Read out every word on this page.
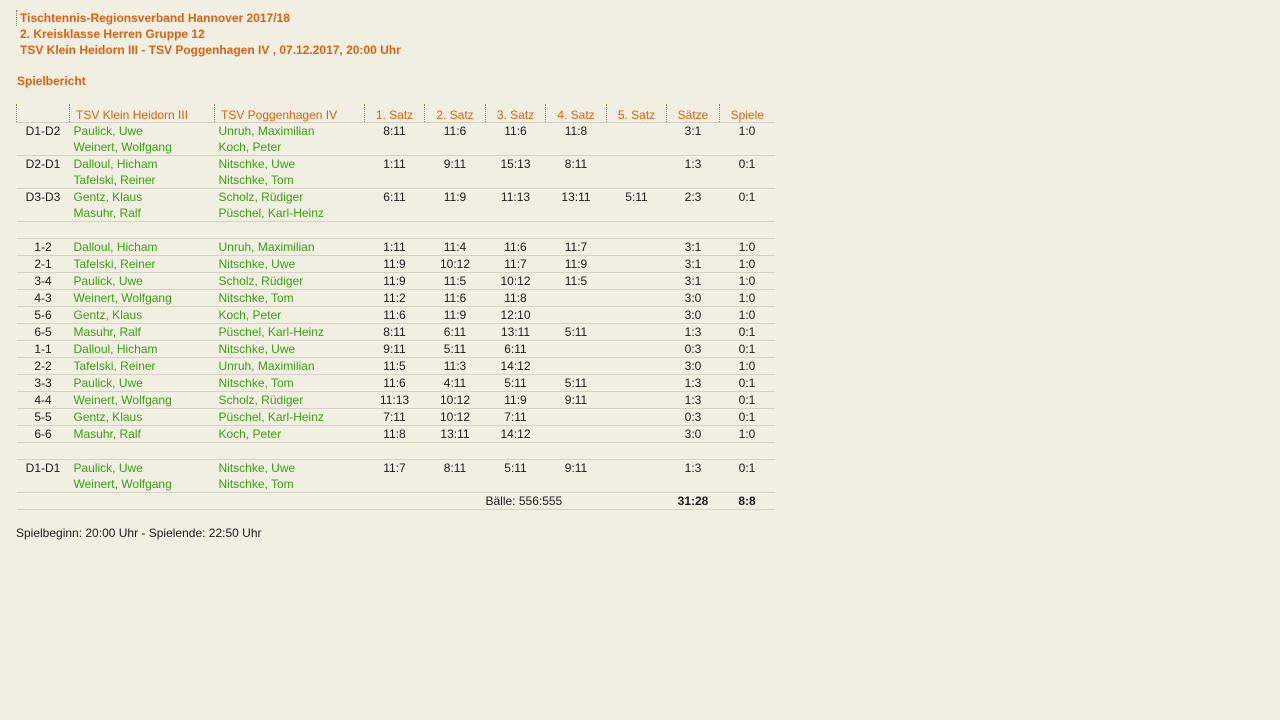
Tischtennis-Regionsverband Hannover 2017/18
2. Kreisklasse Herren Gruppe 12
TSV Klein Heidorn III - TSV Poggenhagen IV , 07.12.2017, 20:00 Uhr
Spielbericht
	TSV Klein Heidorn III	TSV Poggenhagen IV	1. Satz	2. Satz	3. Satz	4. Satz	5. Satz	Sätze	Spiele
D1-D2	Paulick, Uwe	Unruh, Maximilian	8:11	11:6	11:6	11:8		3:1	1:0
	Weinert, Wolfgang	Koch, Peter							
D2-D1	Dalloul, Hicham	Nitschke, Uwe	1:11	9:11	15:13	8:11		1:3	0:1
	Tafelski, Reiner	Nitschke, Tom							
D3-D3	Gentz, Klaus	Scholz, Rüdiger	6:11	11:9	11:13	13:11	5:11	2:3	0:1
	Masuhr, Ralf	Püschel, Karl-Heinz							

1-2	Dalloul, Hicham	Unruh, Maximilian	1:11	11:4	11:6	11:7		3:1	1:0
2-1	Tafelski, Reiner	Nitschke, Uwe	11:9	10:12	11:7	11:9		3:1	1:0
3-4	Paulick, Uwe	Scholz, Rüdiger	11:9	11:5	10:12	11:5		3:1	1:0
4-3	Weinert, Wolfgang	Nitschke, Tom	11:2	11:6	11:8			3:0	1:0
5-6	Gentz, Klaus	Koch, Peter	11:6	11:9	12:10			3:0	1:0
6-5	Masuhr, Ralf	Püschel, Karl-Heinz	8:11	6:11	13:11	5:11		1:3	0:1
1-1	Dalloul, Hicham	Nitschke, Uwe	9:11	5:11	6:11			0:3	0:1
2-2	Tafelski, Reiner	Unruh, Maximilian	11:5	11:3	14:12			3:0	1:0
3-3	Paulick, Uwe	Nitschke, Tom	11:6	4:11	5:11	5:11		1:3	0:1
4-4	Weinert, Wolfgang	Scholz, Rüdiger	11:13	10:12	11:9	9:11		1:3	0:1
5-5	Gentz, Klaus	Püschel, Karl-Heinz	7:11	10:12	7:11			0:3	0:1
6-6	Masuhr, Ralf	Koch, Peter	11:8	13:11	14:12			3:0	1:0

D1-D1	Paulick, Uwe	Nitschke, Uwe	11:7	8:11	5:11	9:11		1:3	0:1
	Weinert, Wolfgang	Nitschke, Tom							
					Bälle: 556:555			31:28	8:8
Spielbeginn: 20:00 Uhr - Spielende: 22:50 Uhr
